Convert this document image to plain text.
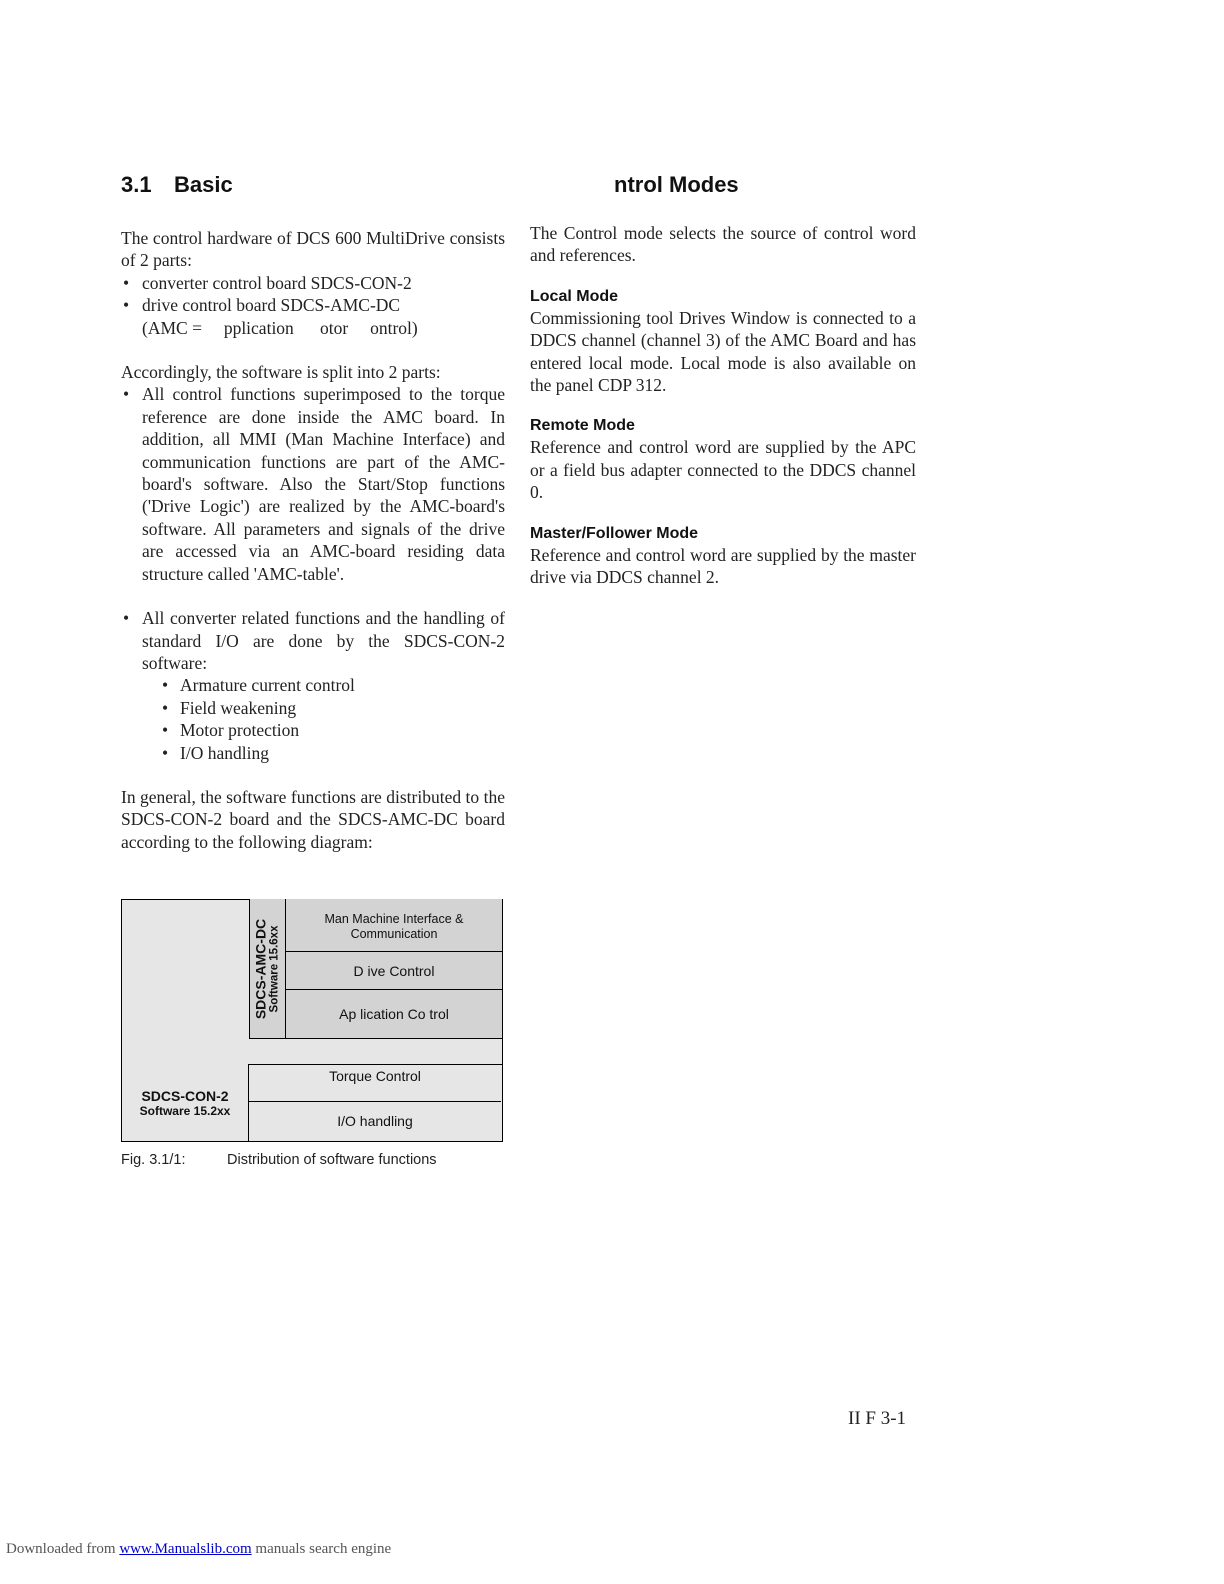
3.1 Basic	ntrol Modes

The control hardware of DCS 600 MultiDrive consists of 2 parts:

• converter control board SDCS-CON-2
• drive control board SDCS-AMC-DC
(AMC =  pplication   otor  ontrol)

Accordingly, the software is split into 2 parts:

• All control functions superimposed to the torque reference are done inside the AMC board. In addition, all MMI (Man Machine Interface) and communication functions are part of the AMC-board's software. Also the Start/Stop functions ('Drive Logic') are realized by the AMC-board's software. All parameters and signals of the drive are accessed via an AMC-board residing data structure called 'AMC-table'.
• All converter related functions and the handling of standard I/O are done by the SDCS-CON-2 software:
• Armature current control
• Field weakening
• Motor protection
• I/O handling

In general, the software functions are distributed to the SDCS-CON-2 board and the SDCS-AMC-DC board according to the following diagram:

SDCS-AMC-DC Software 15.6xx
Man Machine Interface & Communication
D ive Control
Ap lication Co trol
Torque Control
I/O handling
SDCS-CON-2
Software 15.2xx
Fig. 3.1/1:	Distribution of software functions

The Control mode selects the source of control word and references.

Local Mode

Commissioning tool Drives Window is connected to a DDCS channel (channel 3) of the AMC Board and has entered local mode. Local mode is also available on the panel CDP 312.

Remote Mode

Reference and control word are supplied by the APC or a field bus adapter connected to the DDCS channel 0.

Master/Follower Mode

Reference and control word are supplied by the master drive via DDCS channel 2.

II F 3-1
Downloaded from www.Manualslib.com manuals search engine
